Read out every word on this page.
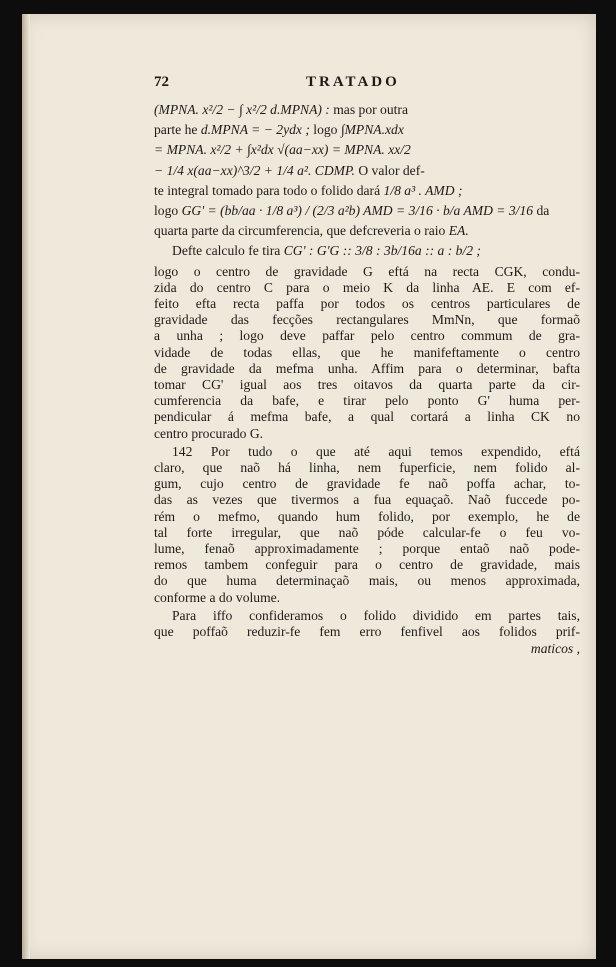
72	TRATADO
(MPNA. x²/2 − ∫ x²/2 d.MPNA) : mas por outra
parte he d.MPNA = − 2ydx ; logo ∫MPNA.xdx
= MPNA. x²/2 + ∫x²dx √(aa−xx) = MPNA. xx/2
− 1/4 x(aa−xx)^3/2 + 1/4 a². CDMP. O valor def-
te integral tomado para todo o folido dará 1/8 a³ . AMD ;
logo GG' = (bb/aa · 1/8 a³) / (2/3 a²b) AMD = 3/16 · b/a AMD = 3/16 da
quarta parte da circumferencia, que defcreveria o raio EA.
Defte calculo fe tira CG' : G'G :: 3/8 : 3b/16a :: a : b/2 ;
logo o centro de gravidade G eftá na recta CGK, condu-
zida do centro C para o meio K da linha AE. E com ef-
feito efta recta paffa por todos os centros particulares de
gravidade das fecções rectangulares MmNn, que formaõ
a unha ; logo deve paffar pelo centro commum de gra-
vidade de todas ellas, que he manifeftamente o centro
de gravidade da mefma unha. Affim para o determinar, bafta
tomar CG' igual aos tres oitavos da quarta parte da cir-
cumferencia da bafe, e tirar pelo ponto G' huma per-
pendicular á mefma bafe, a qual cortará a linha CK no
centro procurado G.
142 Por tudo o que até aqui temos expendido, eftá
claro, que naõ há linha, nem fuperficie, nem folido al-
gum, cujo centro de gravidade fe naõ poffa achar, to-
das as vezes que tivermos a fua equaçaõ. Naõ fuccede po-
rém o mefmo, quando hum folido, por exemplo, he de
tal forte irregular, que naõ póde calcular-fe o feu vo-
lume, fenaõ approximadamente ; porque entaõ naõ pode-
remos tambem confeguir para o centro de gravidade, mais
do que huma determinaçaõ mais, ou menos approximada,
conforme a do volume.
Para iffo confideramos o folido dividido em partes tais,
que poffaõ reduzir-fe fem erro fenfivel aos folidos prif-
maticos ,
